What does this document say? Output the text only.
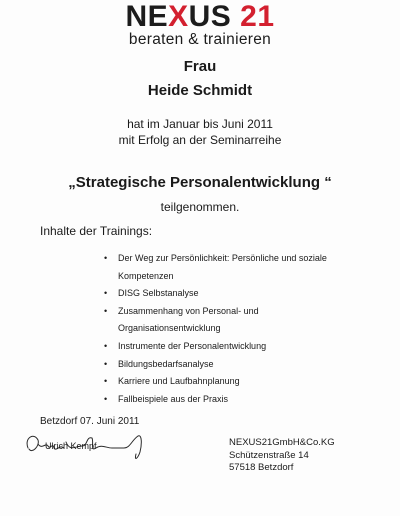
NEXUS 21
beraten & trainieren
Frau
Heide Schmidt
hat im Januar bis Juni 2011
mit Erfolg an der Seminarreihe
„Strategische Personalentwicklung “
teilgenommen.
Inhalte der Trainings:
• Der Weg zur Persönlichkeit: Persönliche und soziale
Kompetenzen
• DISG Selbstanalyse
• Zusammenhang von Personal- und
Organisationsentwicklung
• Instrumente der Personalentwicklung
• Bildungsbedarfsanalyse
• Karriere und Laufbahnplanung
• Fallbeispiele aus der Praxis
Betzdorf 07. Juni 2011
Ulrich Kempf	NEXUS21GmbH&Co.KG
Schützenstraße 14
57518 Betzdorf
